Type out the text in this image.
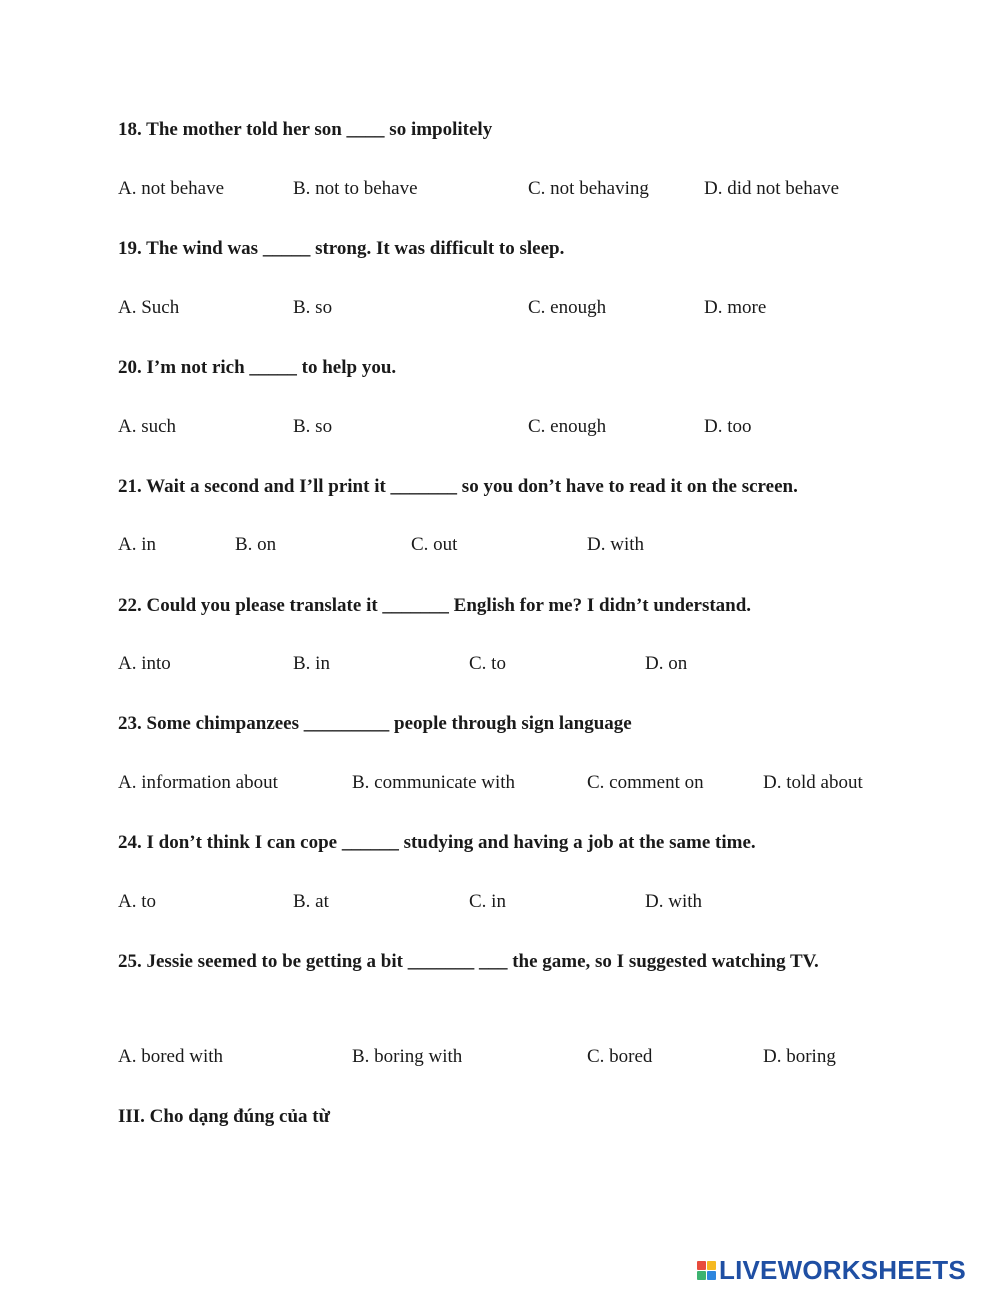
18. The mother told her son ____ so impolitely
A. not behave	B. not to behave	C. not behaving	D. did not behave
19. The wind was _____ strong. It was difficult to sleep.
A. Such	B. so	C. enough	D. more
20. I’m not rich _____ to help you.
A. such	B. so	C. enough	D. too
21. Wait a second and I’ll print it _______ so you don’t have to read it on the screen.
A. in	B. on	C. out	D. with
22. Could you please translate it _______ English for me? I didn’t understand.
A. into	B. in	C. to	D. on
23. Some chimpanzees _________ people through sign language
A. information about	B. communicate with	C. comment on	D. told about
24. I don’t think I can cope ______ studying and having a job at the same time.
A. to	B. at	C. in	D. with
25. Jessie seemed to be getting a bit _______ ___ the game, so I suggested watching TV.
A. bored with	B. boring with	C. bored	D. boring
III. Cho dạng đúng của từ
LIVEWORKSHEETS
